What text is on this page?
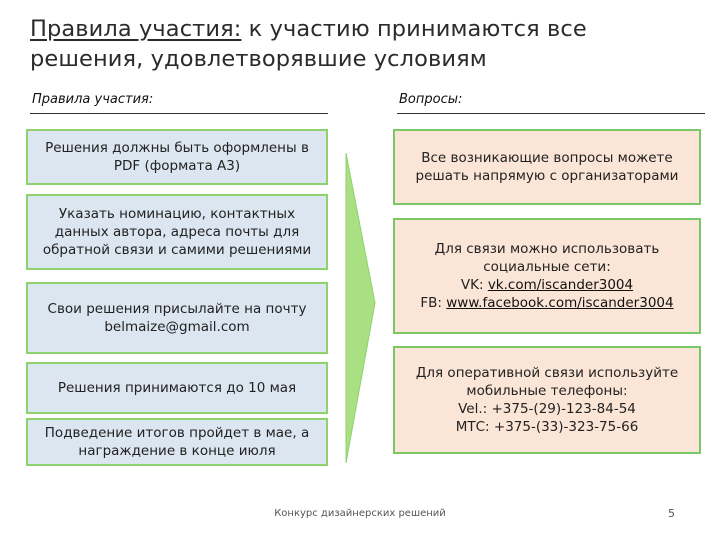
Правила участия: к участию принимаются все решения, удовлетворявшие условиям
Правила участия:	Вопросы:
Решения должны быть оформлены в PDF (формата А3)
Указать номинацию, контактных данных автора, адреса почты для обратной связи и самими решениями
Свои решения присылайте на почту belmaize@gmail.com
Решения принимаются до 10 мая
Подведение итогов пройдет в мае, а награждение в конце июля
Все возникающие вопросы можете решать напрямую с организаторами
Для связи можно использовать социальные сети:
VK: vk.com/iscander3004
FB: www.facebook.com/iscander3004
Для оперативной связи используйте мобильные телефоны:
Vel.: +375-(29)-123-84-54
МТС: +375-(33)-323-75-66
Конкурс дизайнерских решений	5
